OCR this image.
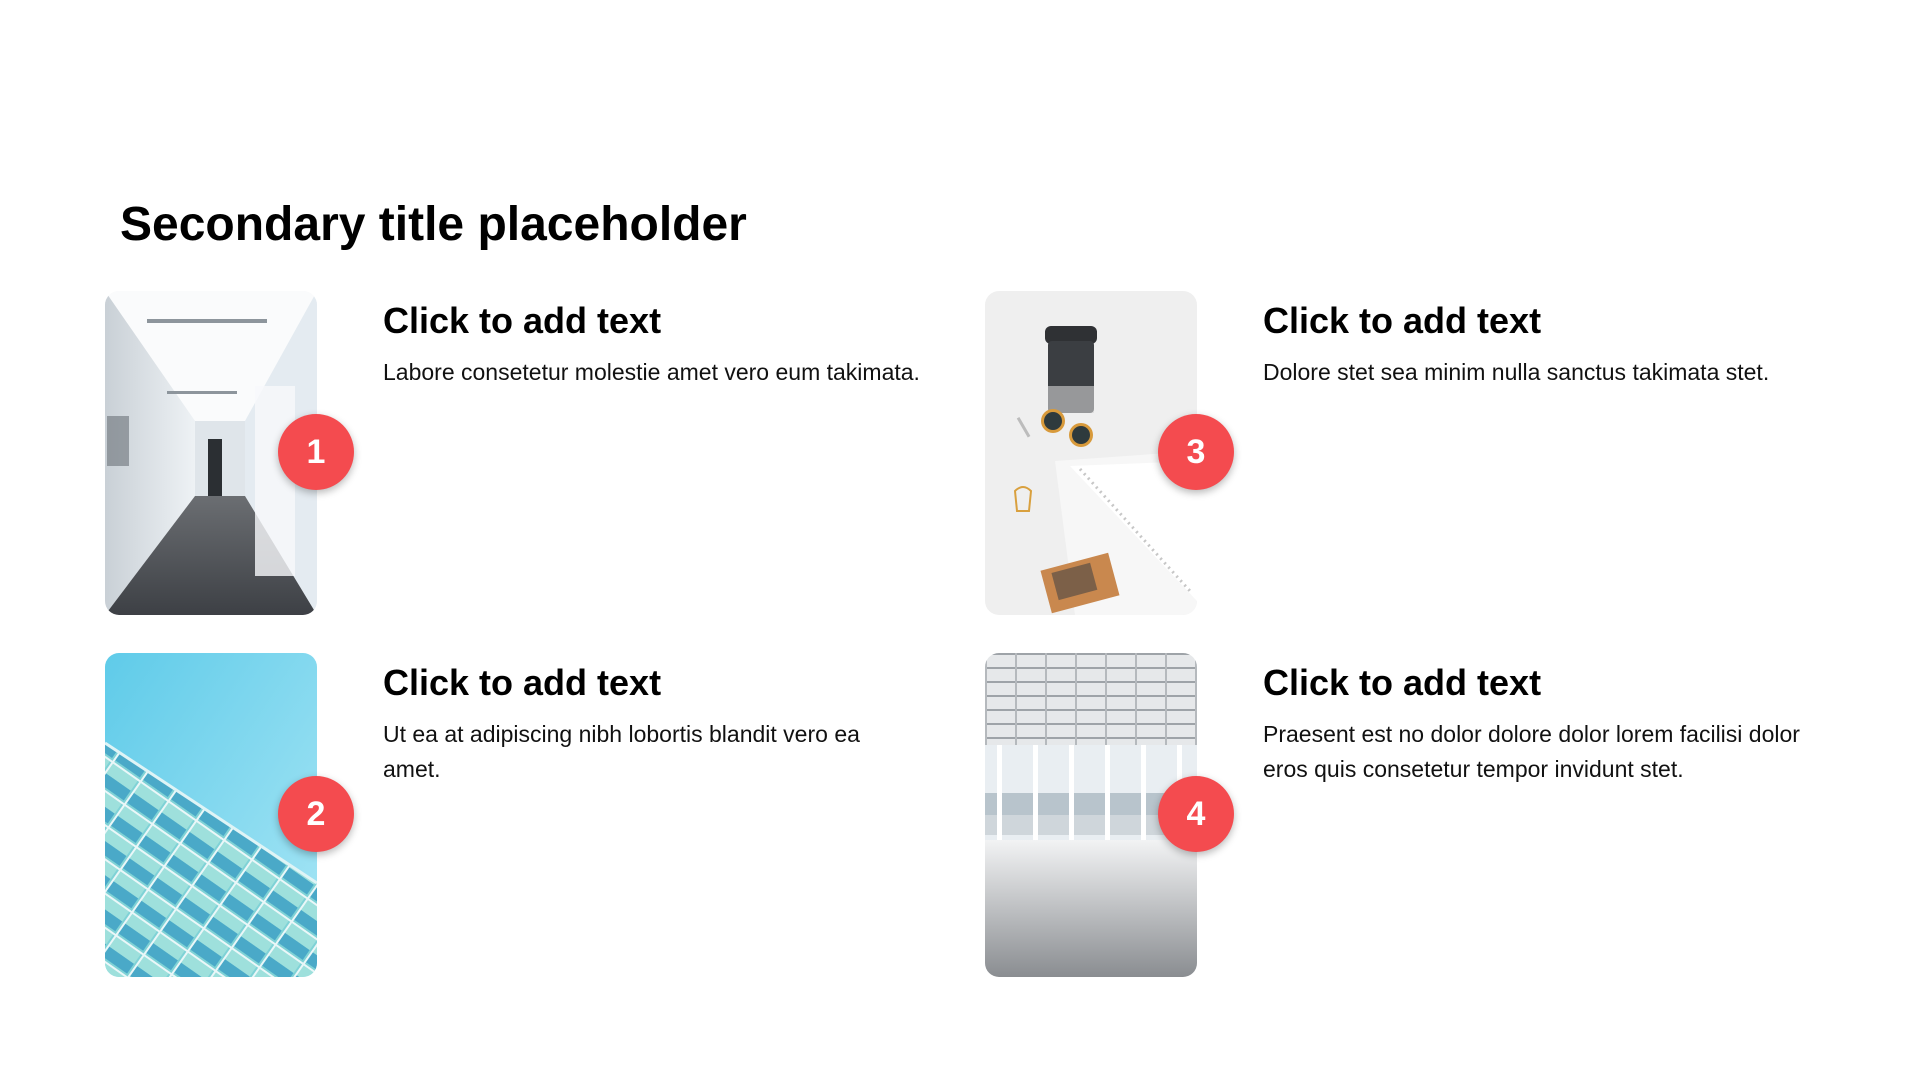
Secondary title placeholder
1
Click to add text

Labore consetetur molestie amet vero eum takimata.

2
Click to add text

Ut ea at adipiscing nibh lobortis blandit vero ea amet.

3
Click to add text

Dolore stet sea minim nulla sanctus takimata stet.

4
Click to add text

Praesent est no dolor dolore dolor lorem facilisi dolor eros quis consetetur tempor invidunt stet.
